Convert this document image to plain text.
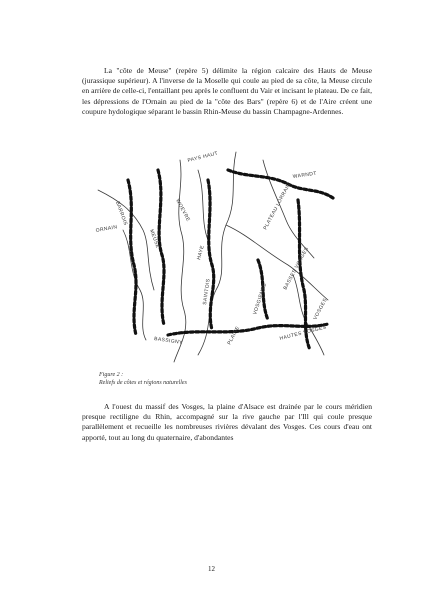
La "côte de Meuse" (repère 5) délimite la région calcaire des Hauts de Meuse (jurassique supérieur). A l'inverse de la Moselle qui coule au pied de sa côte, la Meuse circule en arrière de celle-ci, l'entaillant peu après le confluent du Vair et incisant le plateau. De ce fait, les dépressions de l'Ornain au pied de la "côte des Bars" (repère 6) et de l'Aire créent une coupure hydologique séparant le bassin Rhin-Meuse du bassin Champagne-Ardennes.

PAYS HAUT
WARNDT
WOEVRE
MEUSE
HAYE
PLATEAU LORRAIN
BASSES VOSGES
VOSGES
VOSGIENNE
SAINTOIS
PLAINE	HAUTES VOSGES
BASSIGNY
BARROIS
ORNAIN
Figure 2 :
Reliefs de côtes et régions naturelles

A l'ouest du massif des Vosges, la plaine d'Alsace est drainée par le cours méridien presque rectiligne du Rhin, accompagné sur la rive gauche par l'Ill qui coule presque parallèlement et recueille les nombreuses rivières dévalant des Vosges. Ces cours d'eau ont apporté, tout au long du quaternaire, d'abondantes

12
